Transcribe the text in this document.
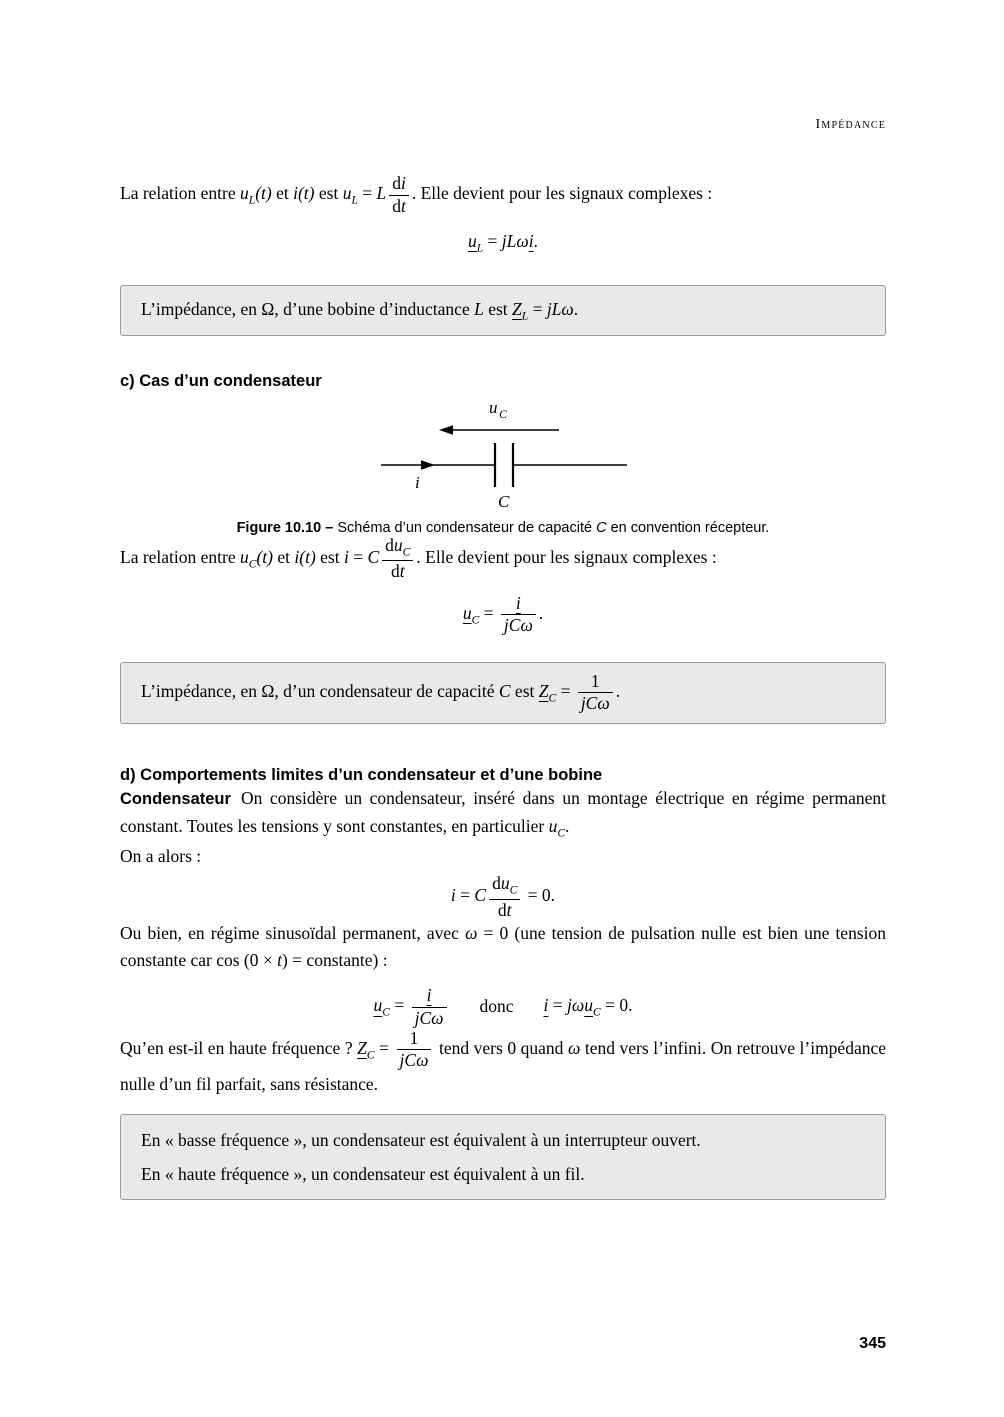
Impédance

La relation entre $u_L(t)$ et i(t) est $u_L = L \frac{di}{dt}$ . Elle devient pour les signaux complexes :

$u_L = jL\omega i$.
L’impédance, en Ω, d’une bobine d’inductance L est $Z_L = jL\omega$.
c) Cas d’un condensateur
u C
i
C
Figure 10.10 – Schéma d’un condensateur de capacité C en convention récepteur.

La relation entre $u_C(t)$ et i(t) est i = C $\frac{du_C}{dt}$ . Elle devient pour les signaux complexes :

$u_C = \frac{i}{\text{jCω}}$ .
L’impédance, en Ω, d’un condensateur de capacité C est $Z_C = \frac{1}{\text{jCω}}$ .
d) Comportements limites d’un condensateur et d’une bobine

Condensateur On considère un condensateur, inséré dans un montage électrique en régime permanent constant. Toutes les tensions y sont constantes, en particulier $u_C$.

On a alors :

i = C $\frac{du_C}{dt} = 0$.

Ou bien, en régime sinusoïdal permanent, avec ω = 0 (une tension de pulsation nulle est bien une tension constante car cos (0 × t) = constante) :

$u_C = \frac{i}{\text{jCω}}$ donc i = jωu$_C$ = 0.

Qu’en est-il en haute fréquence ? $Z_C = \frac{1}{\text{jCω}}$ tend vers 0 quand ω tend vers l’infini. On retrouve l’impédance nulle d’un fil parfait, sans résistance.

En « basse fréquence », un condensateur est équivalent à un interrupteur ouvert.
En « haute fréquence », un condensateur est équivalent à un fil.
345
